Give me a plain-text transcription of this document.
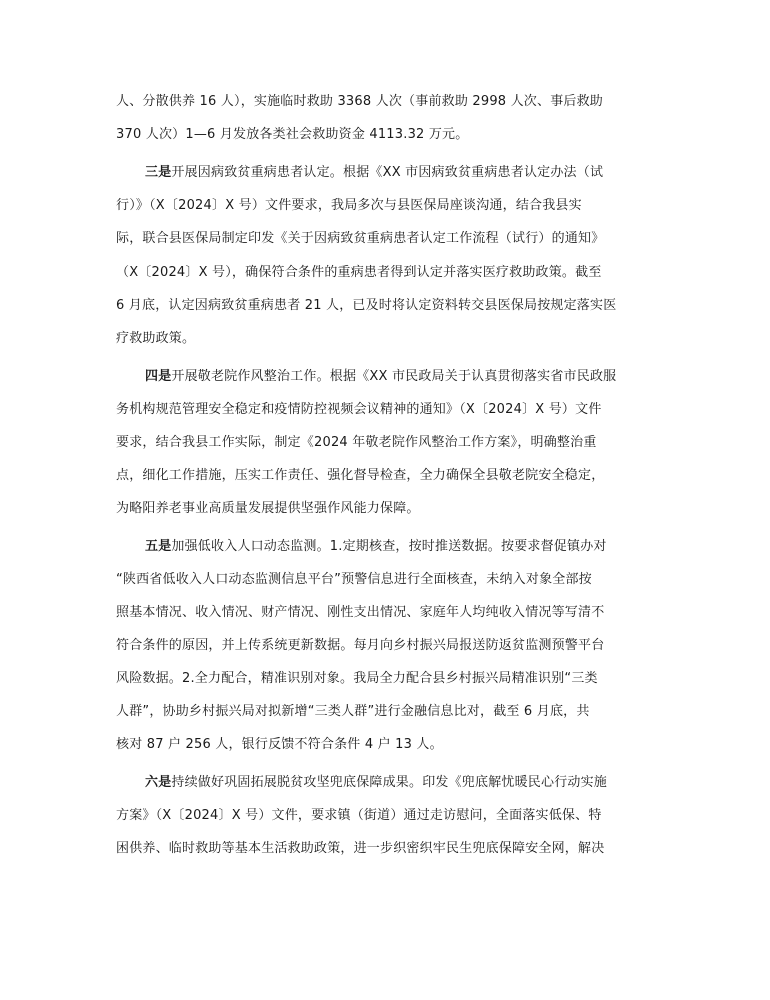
人、分散供养 16 人），实施临时救助 3368 人次（事前救助 2998 人次、事后救助
370 人次）1—6 月发放各类社会救助资金 4113.32 万元。
三是开展因病致贫重病患者认定。根据《XX 市因病致贫重病患者认定办法（试
行）》（X〔2024〕X 号）文件要求，我局多次与县医保局座谈沟通，结合我县实
际，联合县医保局制定印发《关于因病致贫重病患者认定工作流程（试行）的通知》
（X〔2024〕X 号），确保符合条件的重病患者得到认定并落实医疗救助政策。截至
6 月底，认定因病致贫重病患者 21 人，已及时将认定资料转交县医保局按规定落实医
疗救助政策。
四是开展敬老院作风整治工作。根据《XX 市民政局关于认真贯彻落实省市民政服
务机构规范管理安全稳定和疫情防控视频会议精神的通知》（X〔2024〕X 号）文件
要求，结合我县工作实际，制定《2024 年敬老院作风整治工作方案》，明确整治重
点，细化工作措施，压实工作责任、强化督导检查，全力确保全县敬老院安全稳定，
为略阳养老事业高质量发展提供坚强作风能力保障。
五是加强低收入人口动态监测。1.定期核查，按时推送数据。按要求督促镇办对
“陕西省低收入人口动态监测信息平台”预警信息进行全面核查，未纳入对象全部按
照基本情况、收入情况、财产情况、刚性支出情况、家庭年人均纯收入情况等写清不
符合条件的原因，并上传系统更新数据。每月向乡村振兴局报送防返贫监测预警平台
风险数据。2.全力配合，精准识别对象。我局全力配合县乡村振兴局精准识别“三类
人群”，协助乡村振兴局对拟新增“三类人群”进行金融信息比对，截至 6 月底，共
核对 87 户 256 人，银行反馈不符合条件 4 户 13 人。
六是持续做好巩固拓展脱贫攻坚兜底保障成果。印发《兜底解忧暖民心行动实施
方案》（X〔2024〕X 号）文件，要求镇（街道）通过走访慰问，全面落实低保、特
困供养、临时救助等基本生活救助政策，进一步织密织牢民生兜底保障安全网，解决
